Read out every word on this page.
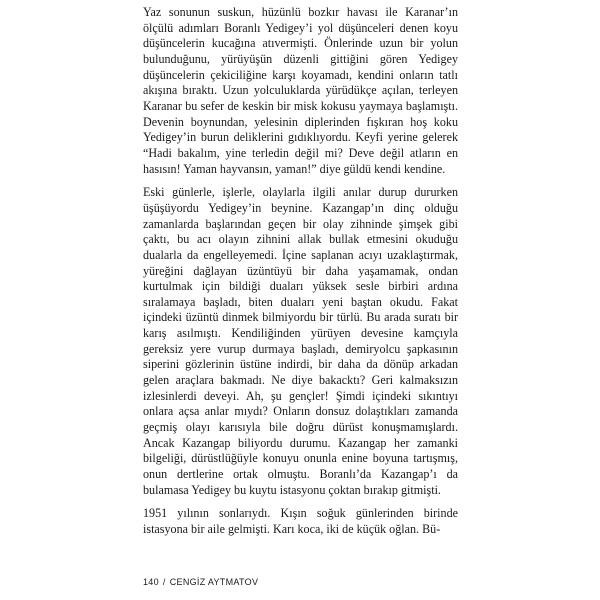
Yaz sonunun suskun, hüzünlü bozkır havası ile Karanar’ın ölçülü adımları Boranlı Yedigey’i yol düşünceleri denen koyu düşüncelerin kucağına atıvermişti. Önlerinde uzun bir yolun bulunduğunu, yürüyüşün düzenli gittiğini gören Yedigey düşüncelerin çekiciliğine karşı koyamadı, kendini onların tatlı akışına bıraktı. Uzun yolculuklarda yürüdükçe açılan, terleyen Karanar bu sefer de keskin bir misk kokusu yaymaya başlamıştı. Devenin boynundan, yelesinin diplerinden fışkıran hoş koku Yedigey’in burun deliklerini gıdıklıyordu. Keyfi yerine gelerek “Hadi bakalım, yine terledin değil mi? Deve değil atların en hasısın! Yaman hayvansın, yaman!” diye güldü kendi kendine.

Eski günlerle, işlerle, olaylarla ilgili anılar durup dururken üşüşüyordu Yedigey’in beynine. Kazangap’ın dinç olduğu zamanlarda başlarından geçen bir olay zihninde şimşek gibi çaktı, bu acı olayın zihnini allak bullak etmesini okuduğu dualarla da engelleyemedi. İçine saplanan acıyı uzaklaştırmak, yüreğini dağlayan üzüntüyü bir daha yaşamamak, ondan kurtulmak için bildiği duaları yüksek sesle birbiri ardına sıralamaya başladı, biten duaları yeni baştan okudu. Fakat içindeki üzüntü dinmek bilmiyordu bir türlü. Bu arada suratı bir karış asılmıştı. Kendiliğinden yürüyen devesine kamçıyla gereksiz yere vurup durmaya başladı, demiryolcu şapkasının siperini gözlerinin üstüne indirdi, bir daha da dönüp arkadan gelen araçlara bakmadı. Ne diye bakacktı? Geri kalmaksızın izlesinlerdi deveyi. Ah, şu gençler! Şimdi içindeki sıkıntıyı onlara açsa anlar mıydı? Onların donsuz dolaştıkları zamanda geçmiş olayı karısıyla bile doğru dürüst konuşmamışlardı. Ancak Kazangap biliyordu durumu. Kazangap her zamanki bilgeliği, dürüstlüğüyle konuyu onunla enine boyuna tartışmış, onun dertlerine ortak olmuştu. Boranlı’da Kazangap’ı da bulamasa Yedigey bu kuytu istasyonu çoktan bırakıp gitmişti.

1951 yılının sonlarıydı. Kışın soğuk günlerinden birinde istasyona bir aile gelmişti. Karı koca, iki de küçük oğlan. Bü-

140 / CENGİZ AYTMATOV
